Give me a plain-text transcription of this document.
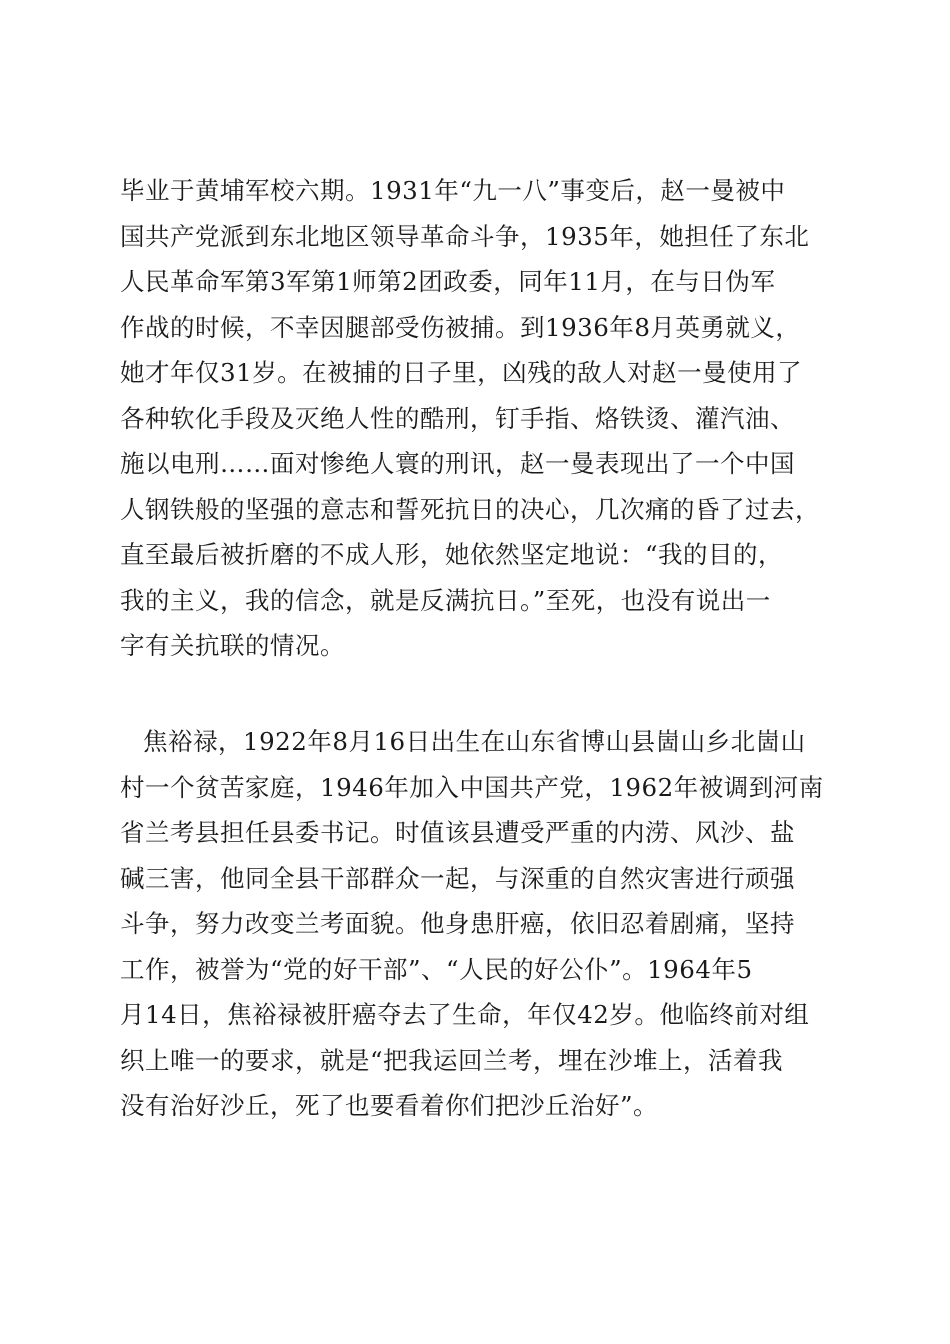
毕业于黄埔军校六期。1931年“九一八”事变后，赵一曼被中
国共产党派到东北地区领导革命斗争，1935年，她担任了东北
人民革命军第3军第1师第2团政委，同年11月，在与日伪军
作战的时候，不幸因腿部受伤被捕。到1936年8月英勇就义，
她才年仅31岁。在被捕的日子里，凶残的敌人对赵一曼使用了
各种软化手段及灭绝人性的酷刑，钉手指、烙铁烫、灌汽油、
施以电刑……面对惨绝人寰的刑讯，赵一曼表现出了一个中国
人钢铁般的坚强的意志和誓死抗日的决心，几次痛的昏了过去，
直至最后被折磨的不成人形，她依然坚定地说：“我的目的，
我的主义，我的信念，就是反满抗日。”至死，也没有说出一
字有关抗联的情况。
焦裕禄，1922年8月16日出生在山东省博山县崮山乡北崮山
村一个贫苦家庭，1946年加入中国共产党，1962年被调到河南
省兰考县担任县委书记。时值该县遭受严重的内涝、风沙、盐
碱三害，他同全县干部群众一起，与深重的自然灾害进行顽强
斗争，努力改变兰考面貌。他身患肝癌，依旧忍着剧痛，坚持
工作，被誉为“党的好干部”、“人民的好公仆”。1964年5
月14日，焦裕禄被肝癌夺去了生命，年仅42岁。他临终前对组
织上唯一的要求，就是“把我运回兰考，埋在沙堆上，活着我
没有治好沙丘，死了也要看着你们把沙丘治好”。
